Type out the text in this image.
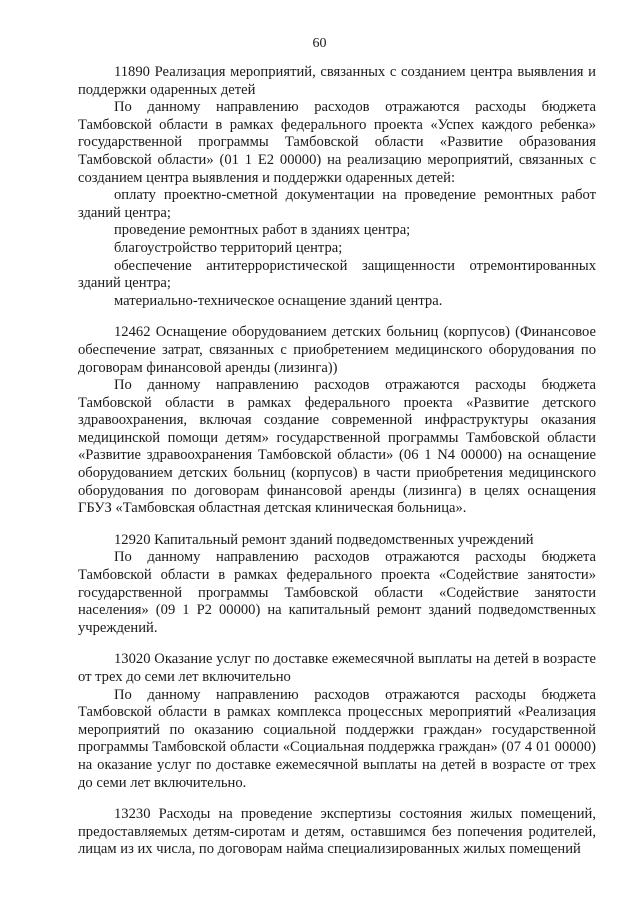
60

11890 Реализация мероприятий, связанных с созданием центра выявления и поддержки одаренных детей

По данному направлению расходов отражаются расходы бюджета Тамбовской области в рамках федерального проекта «Успех каждого ребенка» государственной программы Тамбовской области «Развитие образования Тамбовской области» (01 1 Е2 00000) на реализацию мероприятий, связанных с созданием центра выявления и поддержки одаренных детей:

оплату проектно-сметной документации на проведение ремонтных работ зданий центра;

проведение ремонтных работ в зданиях центра;

благоустройство территорий центра;

обеспечение антитеррористической защищенности отремонтированных зданий центра;

материально-техническое оснащение зданий центра.

12462 Оснащение оборудованием детских больниц (корпусов) (Финансовое обеспечение затрат, связанных с приобретением медицинского оборудования по договорам финансовой аренды (лизинга))

По данному направлению расходов отражаются расходы бюджета Тамбовской области в рамках федерального проекта «Развитие детского здравоохранения, включая создание современной инфраструктуры оказания медицинской помощи детям» государственной программы Тамбовской области «Развитие здравоохранения Тамбовской области» (06 1 N4 00000) на оснащение оборудованием детских больниц (корпусов) в части приобретения медицинского оборудования по договорам финансовой аренды (лизинга) в целях оснащения ГБУЗ «Тамбовская областная детская клиническая больница».

12920 Капитальный ремонт зданий подведомственных учреждений

По данному направлению расходов отражаются расходы бюджета Тамбовской области в рамках федерального проекта «Содействие занятости» государственной программы Тамбовской области «Содействие занятости населения» (09 1 Р2 00000) на капитальный ремонт зданий подведомственных учреждений.

13020 Оказание услуг по доставке ежемесячной выплаты на детей в возрасте от трех до семи лет включительно

По данному направлению расходов отражаются расходы бюджета Тамбовской области в рамках комплекса процессных мероприятий «Реализация мероприятий по оказанию социальной поддержки граждан» государственной программы Тамбовской области «Социальная поддержка граждан» (07 4 01 00000) на оказание услуг по доставке ежемесячной выплаты на детей в возрасте от трех до семи лет включительно.

13230 Расходы на проведение экспертизы состояния жилых помещений, предоставляемых детям-сиротам и детям, оставшимся без попечения родителей, лицам из их числа, по договорам найма специализированных жилых помещений
